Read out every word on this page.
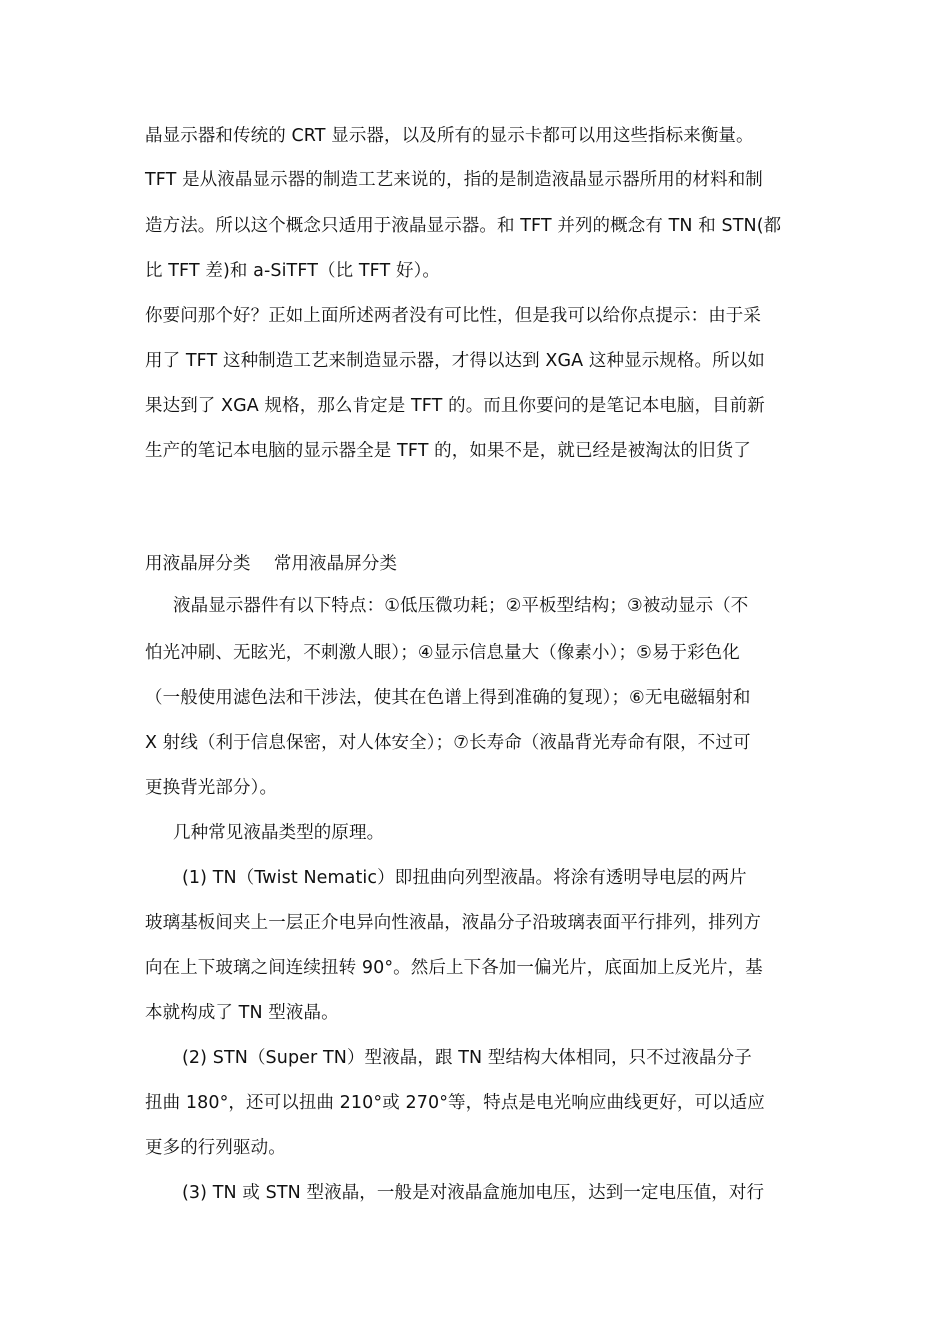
晶显示器和传统的 CRT 显示器，以及所有的显示卡都可以用这些指标来衡量。
TFT 是从液晶显示器的制造工艺来说的，指的是制造液晶显示器所用的材料和制
造方法。所以这个概念只适用于液晶显示器。和 TFT 并列的概念有 TN 和 STN(都
比 TFT 差)和 a-SiTFT（比 TFT 好）。
你要问那个好？正如上面所述两者没有可比性，但是我可以给你点提示：由于采
用了 TFT 这种制造工艺来制造显示器，才得以达到 XGA 这种显示规格。所以如
果达到了 XGA 规格，那么肯定是 TFT 的。而且你要问的是笔记本电脑，目前新
生产的笔记本电脑的显示器全是 TFT 的，如果不是，就已经是被淘汰的旧货了
用液晶屏分类　 常用液晶屏分类
液晶显示器件有以下特点：①低压微功耗；②平板型结构；③被动显示（不
怕光冲刷、无眩光，不刺激人眼）；④显示信息量大（像素小）；⑤易于彩色化
（一般使用滤色法和干涉法，使其在色谱上得到准确的复现）；⑥无电磁辐射和
X 射线（利于信息保密，对人体安全）；⑦长寿命（液晶背光寿命有限，不过可
更换背光部分）。
几种常见液晶类型的原理。
(1) TN（Twist Nematic）即扭曲向列型液晶。将涂有透明导电层的两片
玻璃基板间夹上一层正介电异向性液晶，液晶分子沿玻璃表面平行排列，排列方
向在上下玻璃之间连续扭转 90°。然后上下各加一偏光片，底面加上反光片，基
本就构成了 TN 型液晶。
(2) STN（Super TN）型液晶，跟 TN 型结构大体相同，只不过液晶分子
扭曲 180°，还可以扭曲 210°或 270°等，特点是电光响应曲线更好，可以适应
更多的行列驱动。
(3) TN 或 STN 型液晶，一般是对液晶盒施加电压，达到一定电压值，对行
